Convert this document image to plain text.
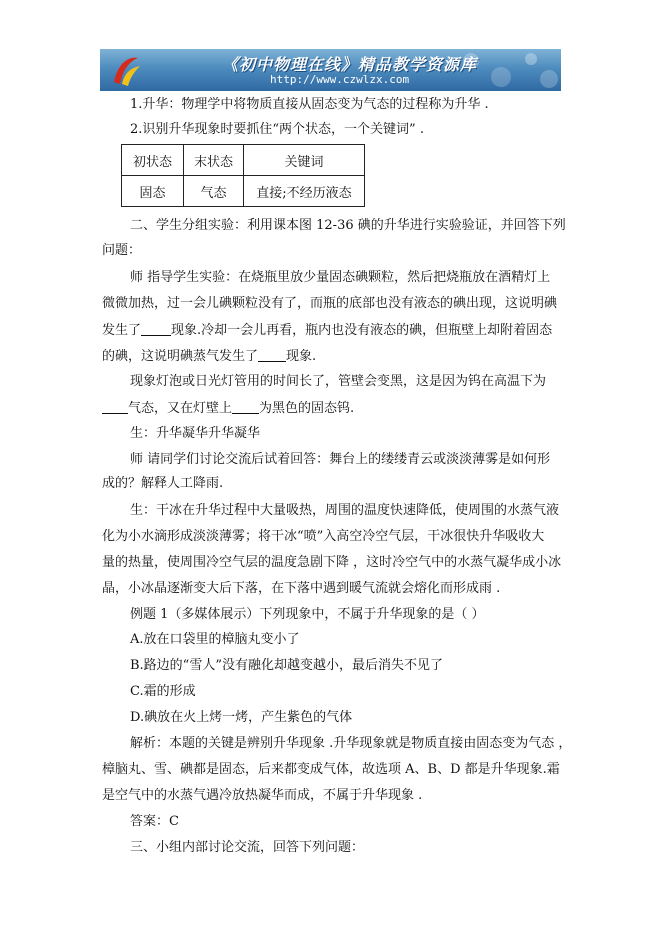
《初中物理在线》精品教学资源库
http://www.czwlzx.com
1.升华：物理学中将物质直接从固态变为气态的过程称为升华 .
2.识别升华现象时要抓住“两个状态，一个关键词” .
初状态	末状态	关键词
固态	气态	直接;不经历液态
二、学生分组实验：利用课本图 12-36 碘的升华进行实验验证，并回答下列
问题：
师 指导学生实验：在烧瓶里放少量固态碘颗粒，然后把烧瓶放在酒精灯上
微微加热，过一会儿碘颗粒没有了，而瓶的底部也没有液态的碘出现，这说明碘
发生了 现象.冷却一会儿再看，瓶内也没有液态的碘，但瓶壁上却附着固态
的碘，这说明碘蒸气发生了 现象.
现象灯泡或日光灯管用的时间长了，管壁会变黑，这是因为钨在高温下为
气态，又在灯壁上 为黑色的固态钨.
生：升华凝华升华凝华
师 请同学们讨论交流后试着回答：舞台上的缕缕青云或淡淡薄雾是如何形
成的？解释人工降雨.
生：干冰在升华过程中大量吸热，周围的温度快速降低，使周围的水蒸气液
化为小水滴形成淡淡薄雾；将干冰“喷”入高空冷空气层，干冰很快升华吸收大
量的热量，使周围冷空气层的温度急剧下降 ，这时冷空气中的水蒸气凝华成小冰
晶，小冰晶逐渐变大后下落，在下落中遇到暖气流就会熔化而形成雨 .
例题 1（多媒体展示）下列现象中，不属于升华现象的是（ ）
A.放在口袋里的樟脑丸变小了
B.路边的“雪人”没有融化却越变越小，最后消失不见了
C.霜的形成
D.碘放在火上烤一烤，产生紫色的气体
解析：本题的关键是辨别升华现象 .升华现象就是物质直接由固态变为气态 ，
樟脑丸、雪、碘都是固态，后来都变成气体，故选项 A、B、D 都是升华现象.霜
是空气中的水蒸气遇冷放热凝华而成，不属于升华现象 .
答案：C
三、小组内部讨论交流，回答下列问题：
